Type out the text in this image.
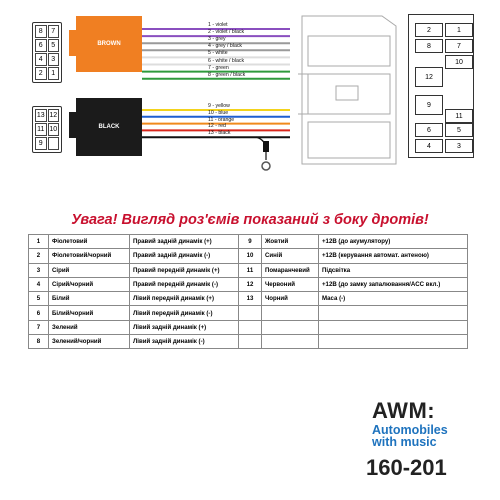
8	7
6	5
4	3
2	1
BROWN
13 12
11 10
9
BLACK
1 - violet
2 - violet / black
3 - grey
4 - grey / black
5 - white
6 - white / black
7 - green
8 - green / black
9 - yellow
10 - blue
11 - orange
12 - red
13 - black
2	1
8	7
10
12
9
11
6	5
4	3
Увага! Вигляд роз'ємів показаний з боку дротів!
1	Фіолетовий	Правий задній динамік (+)	9	Жовтий	+12В (до акумулятору)
2	Фіолетовий/чорний	Правий задній динамік (-)	10	Синій	+12В (керування автомат. антеною)
3	Сірий	Правий передній динамік (+)	11	Помаранчевий	Підсвітка
4	Сірий/чорний	Правий передній динамік (-)	12	Червоний	+12В (до замку запалювання/ACC вкл.)
5	Білий	Лівий передній динамік (+)	13	Чорний	Маса (-)
6	Білий/чорний	Лівий передній динамік (-)			
7	Зелений	Лівий задній динамік (+)			
8	Зелений/чорний	Лівий задній динамік (-)			
AWM:
Automobiles
with music
160-201
